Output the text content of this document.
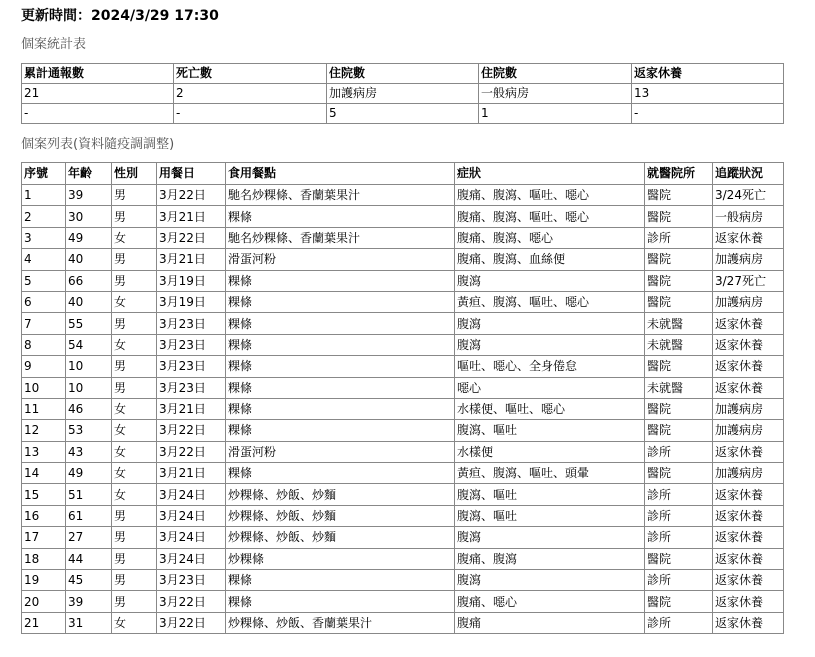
更新時間：2024/3/29 17:30
個案統計表
累計通報數	死亡數	住院數	住院數	返家休養
21	2	加護病房	一般病房	13
-	-	5	1	-
個案列表(資料隨疫調調整)
序號	年齡	性別	用餐日	食用餐點	症狀	就醫院所	追蹤狀況
1	39	男	3月22日	馳名炒粿條、香蘭葉果汁	腹痛、腹瀉、嘔吐、噁心	醫院	3/24死亡
2	30	男	3月21日	粿條	腹痛、腹瀉、嘔吐、噁心	醫院	一般病房
3	49	女	3月22日	馳名炒粿條、香蘭葉果汁	腹痛、腹瀉、噁心	診所	返家休養
4	40	男	3月21日	滑蛋河粉	腹痛、腹瀉、血絲便	醫院	加護病房
5	66	男	3月19日	粿條	腹瀉	醫院	3/27死亡
6	40	女	3月19日	粿條	黃疸、腹瀉、嘔吐、噁心	醫院	加護病房
7	55	男	3月23日	粿條	腹瀉	未就醫	返家休養
8	54	女	3月23日	粿條	腹瀉	未就醫	返家休養
9	10	男	3月23日	粿條	嘔吐、噁心、全身倦怠	醫院	返家休養
10	10	男	3月23日	粿條	噁心	未就醫	返家休養
11	46	女	3月21日	粿條	水樣便、嘔吐、噁心	醫院	加護病房
12	53	女	3月22日	粿條	腹瀉、嘔吐	醫院	加護病房
13	43	女	3月22日	滑蛋河粉	水樣便	診所	返家休養
14	49	女	3月21日	粿條	黃疸、腹瀉、嘔吐、頭暈	醫院	加護病房
15	51	女	3月24日	炒粿條、炒飯、炒麵	腹瀉、嘔吐	診所	返家休養
16	61	男	3月24日	炒粿條、炒飯、炒麵	腹瀉、嘔吐	診所	返家休養
17	27	男	3月24日	炒粿條、炒飯、炒麵	腹瀉	診所	返家休養
18	44	男	3月24日	炒粿條	腹痛、腹瀉	醫院	返家休養
19	45	男	3月23日	粿條	腹瀉	診所	返家休養
20	39	男	3月22日	粿條	腹痛、噁心	醫院	返家休養
21	31	女	3月22日	炒粿條、炒飯、香蘭葉果汁	腹痛	診所	返家休養
